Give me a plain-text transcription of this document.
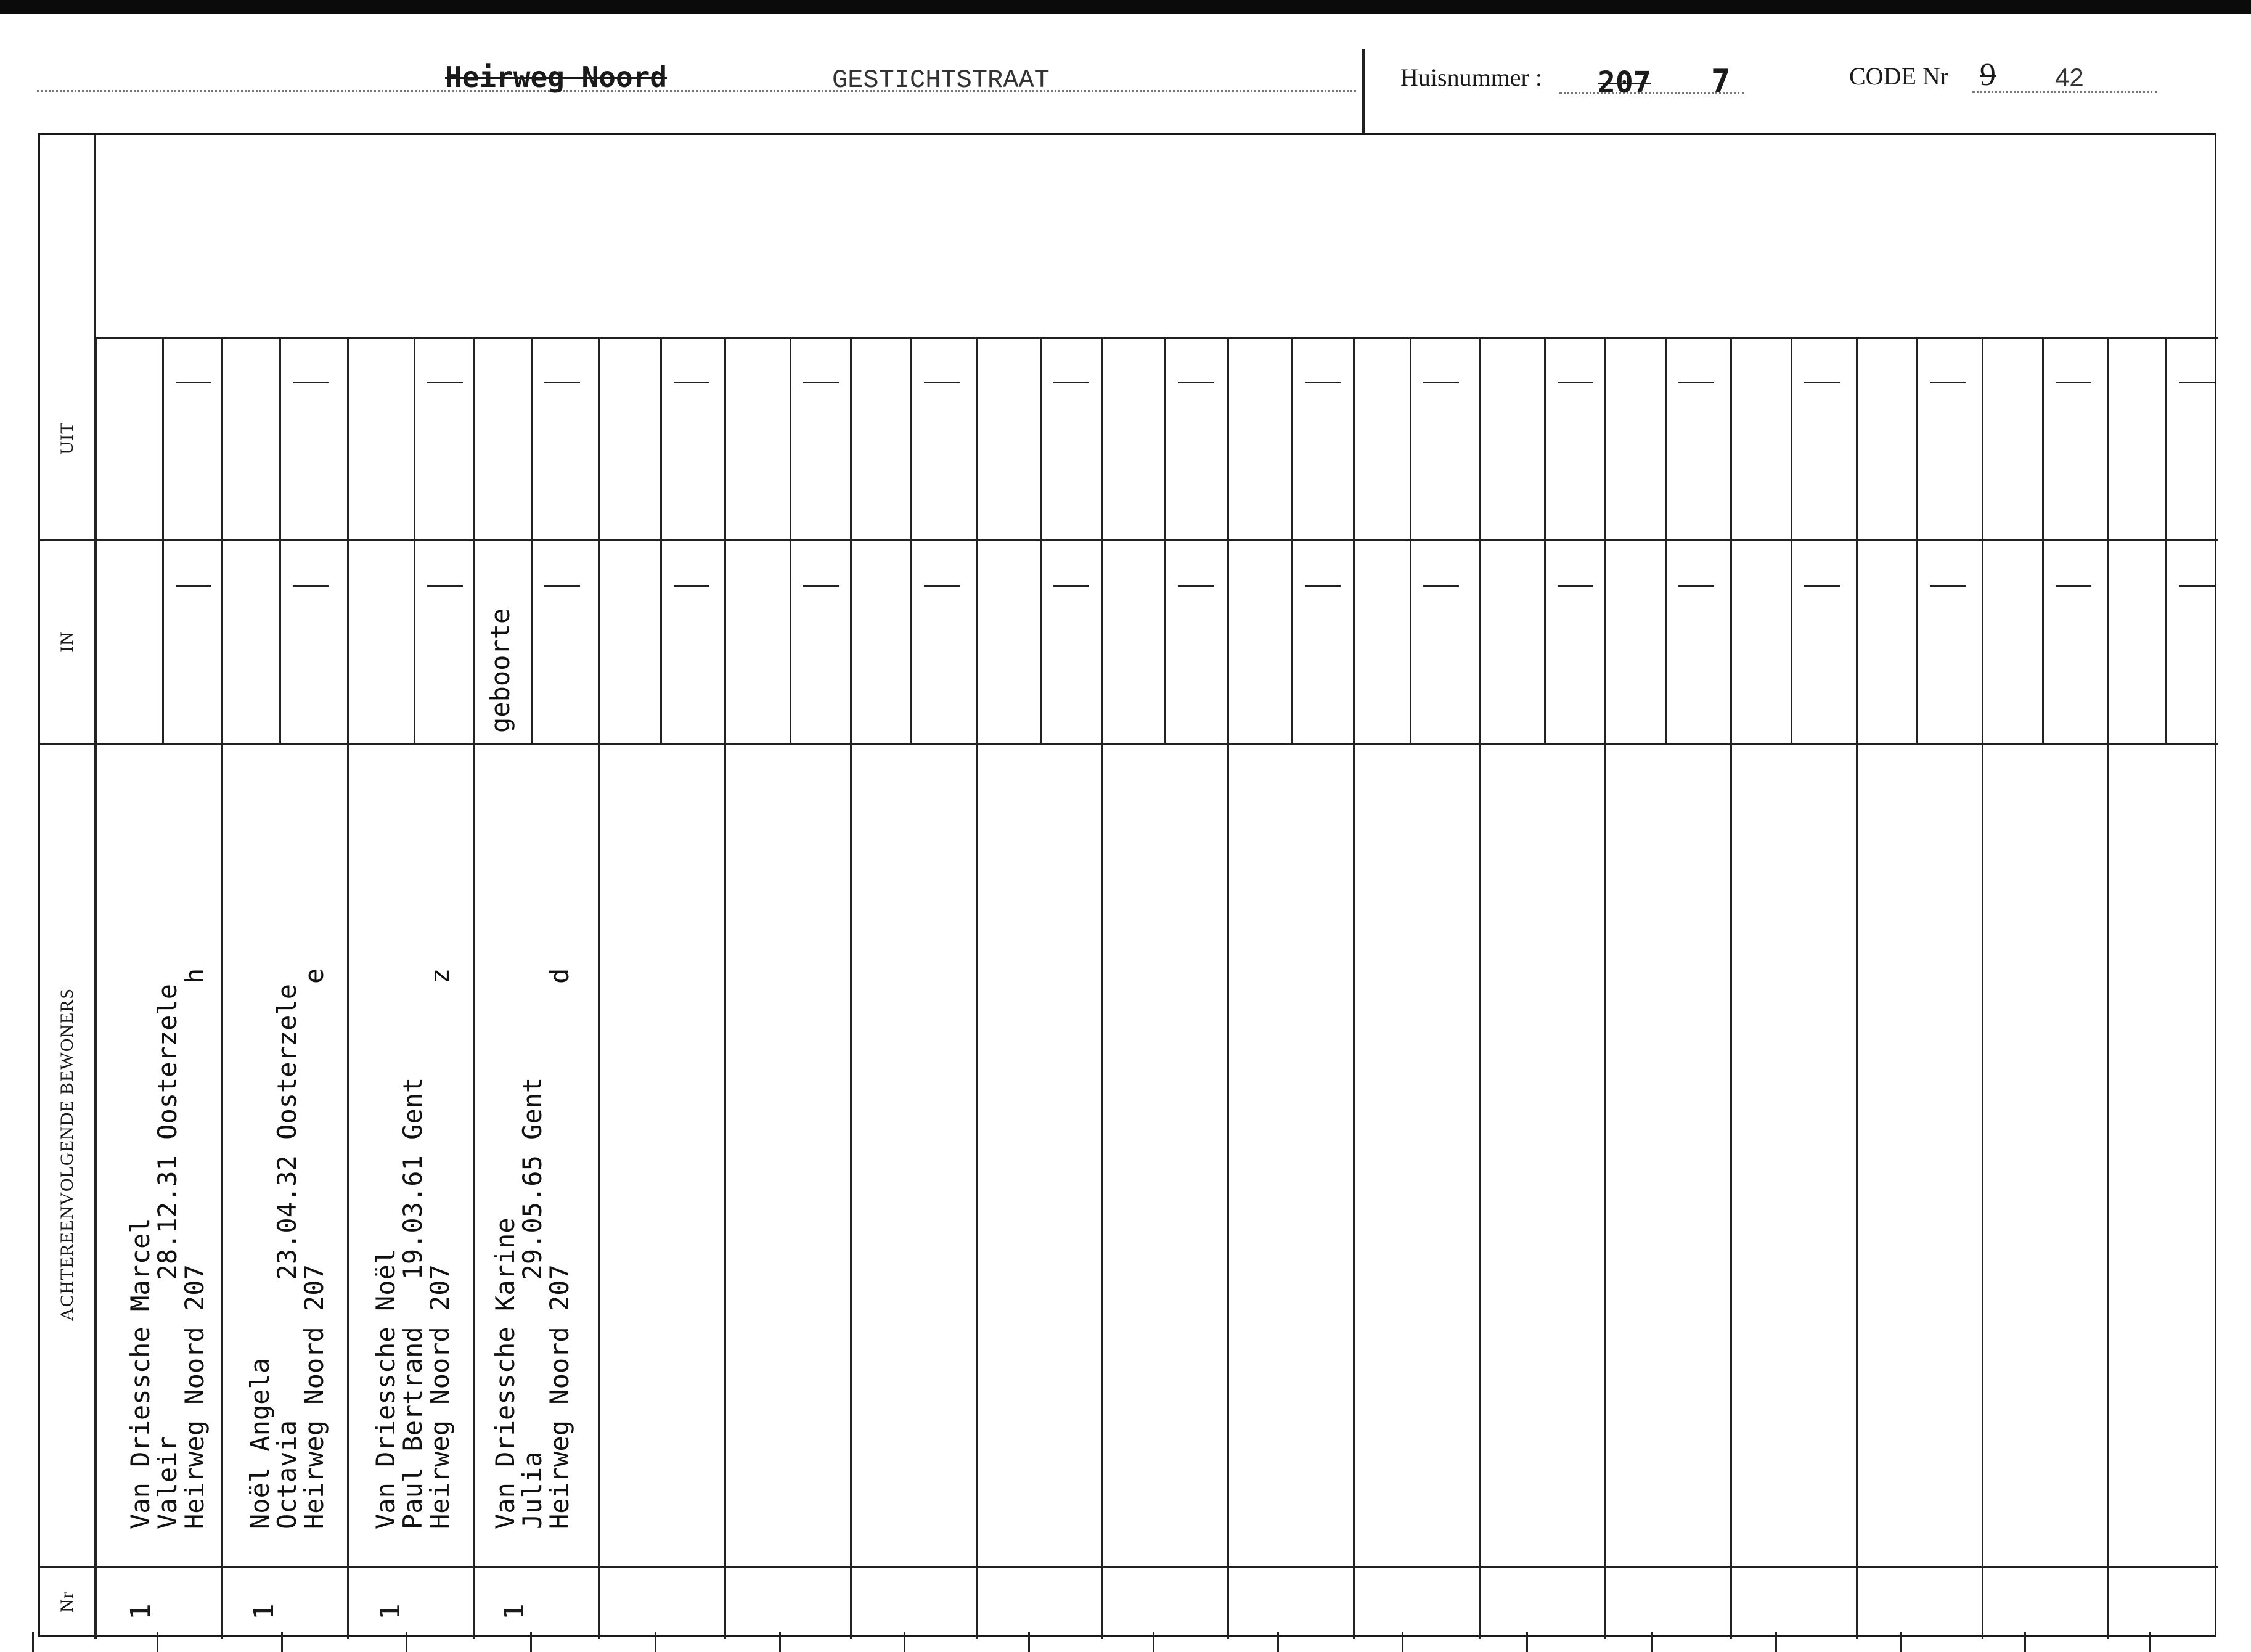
Heirweg Noord	GESTICHTSTRAAT	Huisnummer : 207 7	CODE Nr 9 42
UIT
IN
ACHTEREENVOLGENDE BEWONERS
Nr
Van Driessche Marcel
Valeir          28.12.31 Oosterzele
Heirweg Noord 207                  h
1
Noël Angela
Octavia         23.04.32 Oosterzele
Heirweg Noord 207                  e
1
Van Driessche Noël
Paul Bertrand   19.03.61 Gent
Heirweg Noord 207                  z
1
geboorte
Van Driessche Karine
Julia           29.05.65 Gent
Heirweg Noord 207                  d
1
